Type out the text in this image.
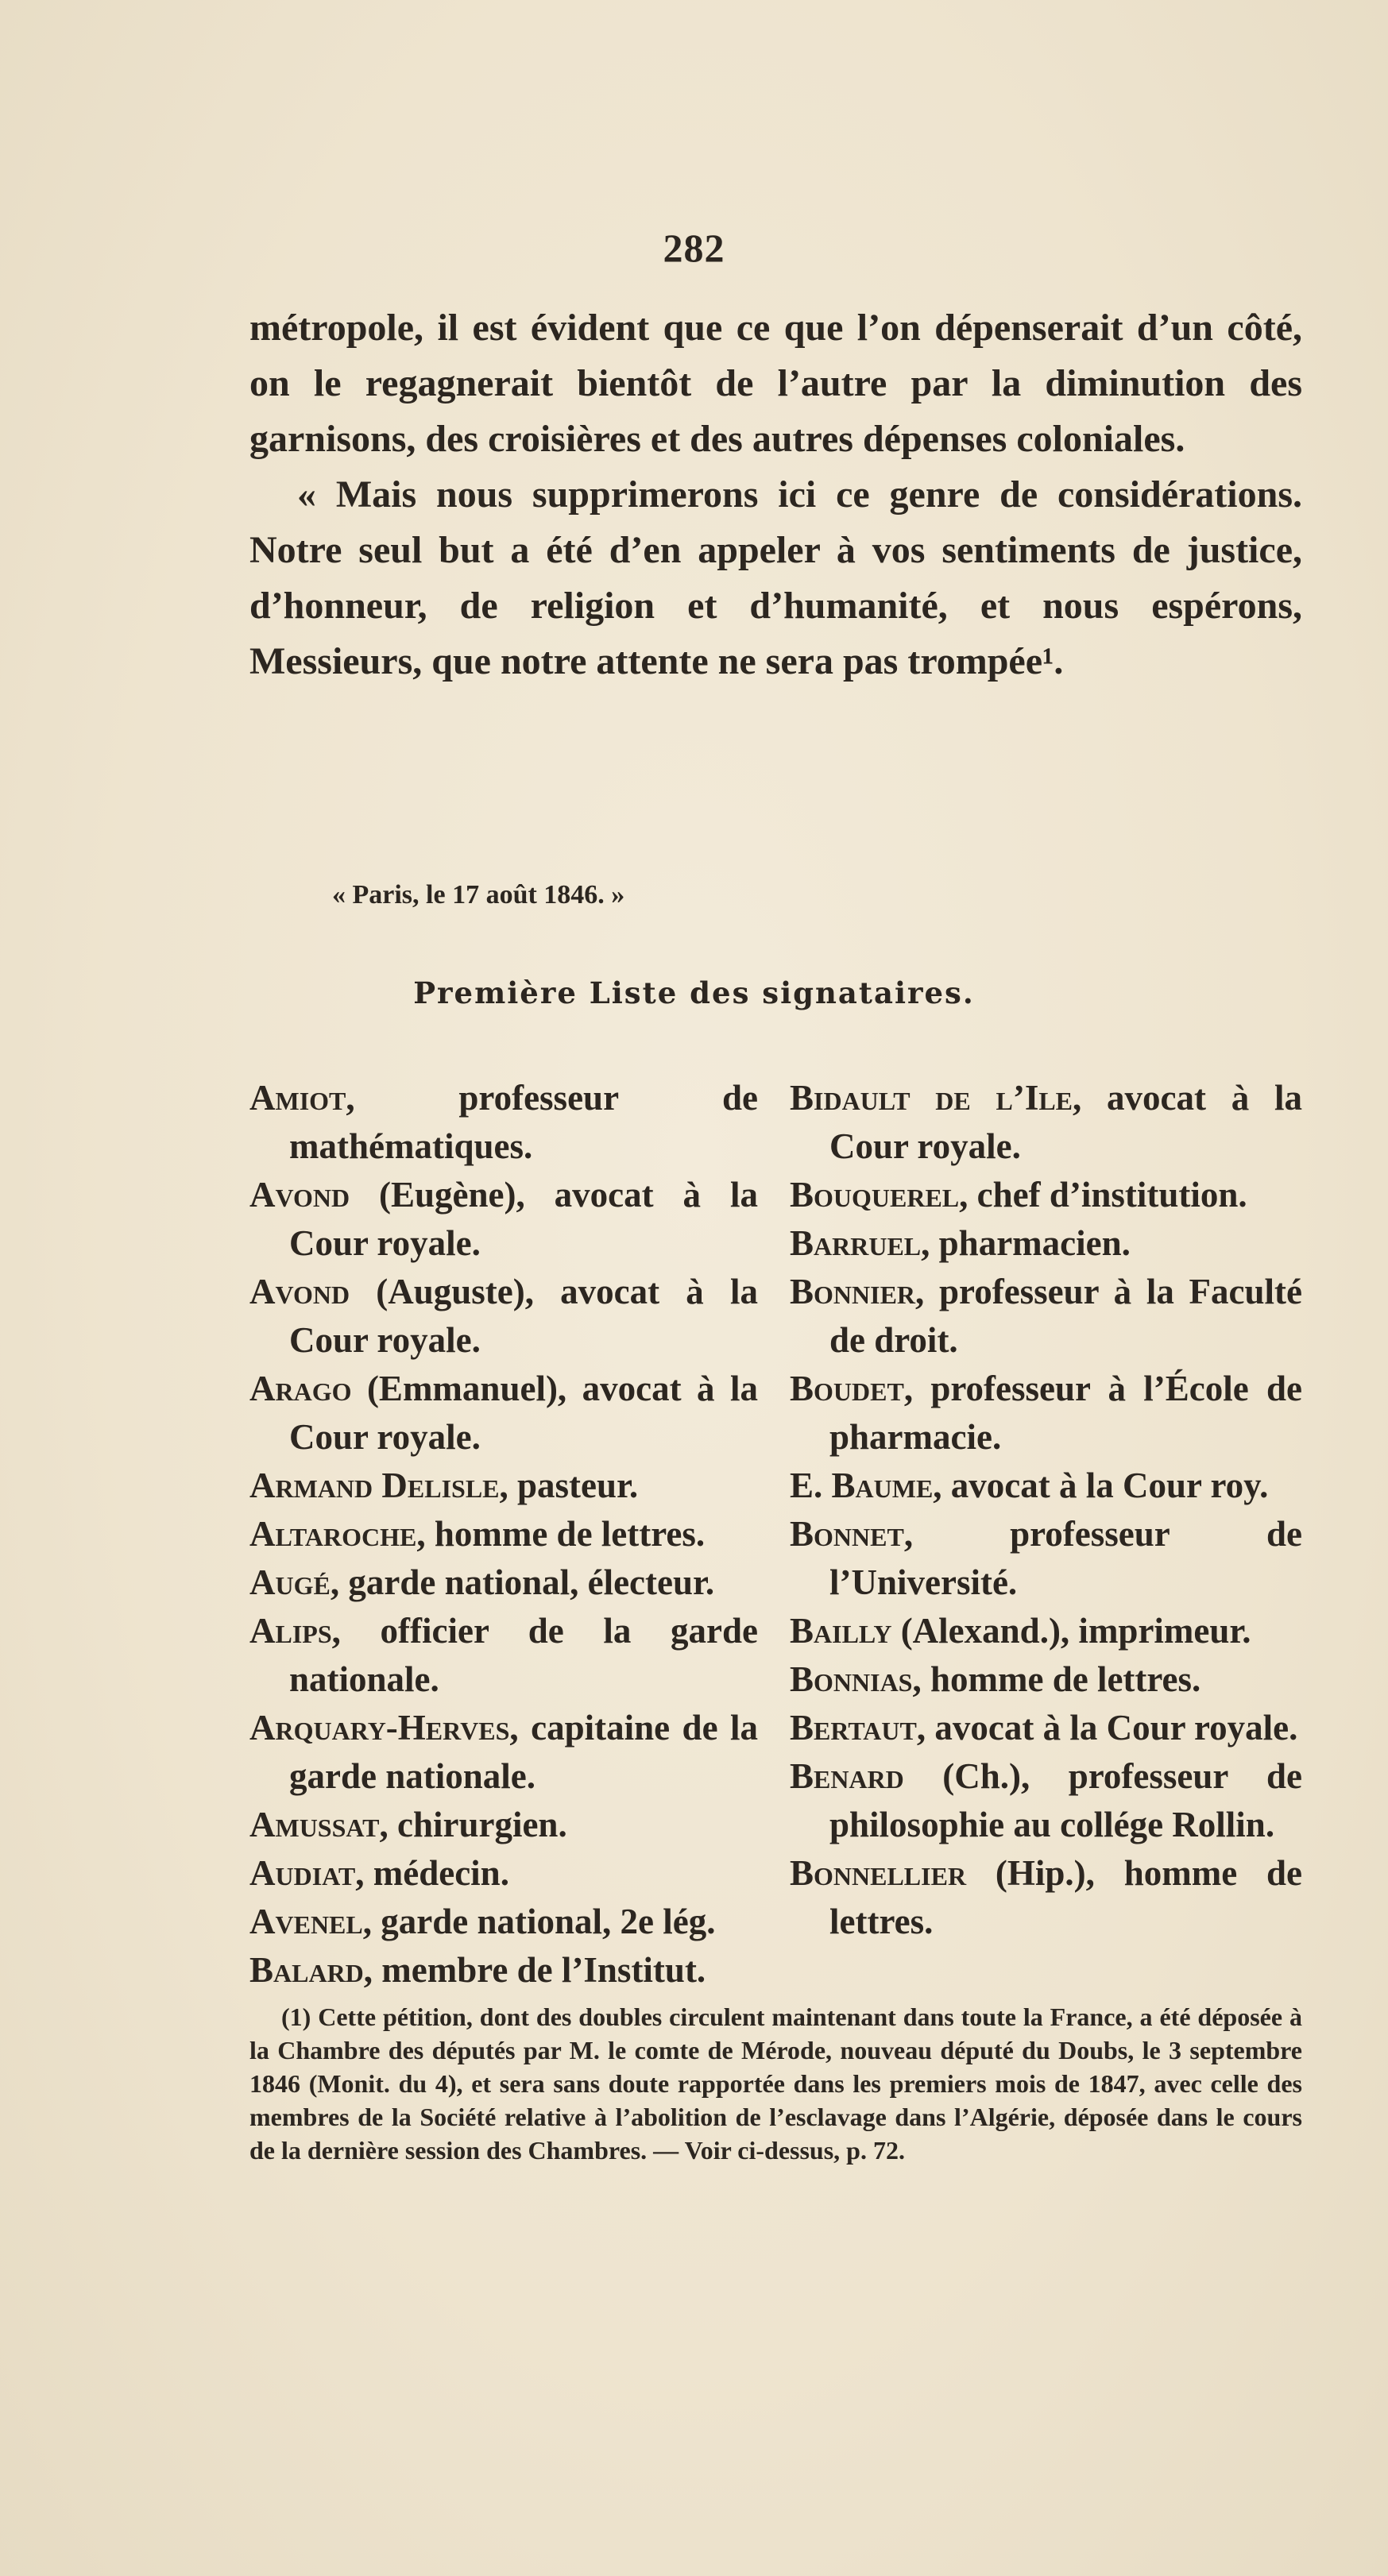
282

métropole, il est évident que ce que l’on dépenserait d’un côté, on le regagnerait bientôt de l’autre par la diminution des garnisons, des croisières et des autres dépenses coloniales.

« Mais nous supprimerons ici ce genre de considérations. Notre seul but a été d’en appeler à vos sentiments de justice, d’honneur, de religion et d’humanité, et nous espérons, Messieurs, que notre attente ne sera pas trompée¹.

« Paris, le 17 août 1846. »
Première Liste des signataires.
Amiot, professeur de mathématiques.
Avond (Eugène), avocat à la Cour royale.
Avond (Auguste), avocat à la Cour royale.
Arago (Emmanuel), avocat à la Cour royale.
Armand Delisle, pasteur.
Altaroche, homme de lettres.
Augé, garde national, électeur.
Alips, officier de la garde nationale.
Arquary-Herves, capitaine de la garde nationale.
Amussat, chirurgien.
Audiat, médecin.
Avenel, garde national, 2e lég.
Balard, membre de l’Institut.
Bidault de l’Ile, avocat à la Cour royale.
Bouquerel, chef d’institution.
Barruel, pharmacien.
Bonnier, professeur à la Faculté de droit.
Boudet, professeur à l’École de pharmacie.
E. Baume, avocat à la Cour roy.
Bonnet, professeur de l’Université.
Bailly (Alexand.), imprimeur.
Bonnias, homme de lettres.
Bertaut, avocat à la Cour royale.
Benard (Ch.), professeur de philosophie au collége Rollin.
Bonnellier (Hip.), homme de lettres.

(1) Cette pétition, dont des doubles circulent maintenant dans toute la France, a été déposée à la Chambre des députés par M. le comte de Mérode, nouveau député du Doubs, le 3 septembre 1846 (Monit. du 4), et sera sans doute rapportée dans les premiers mois de 1847, avec celle des membres de la Société relative à l’abolition de l’esclavage dans l’Algérie, déposée dans le cours de la dernière session des Chambres. — Voir ci-dessus, p. 72.
